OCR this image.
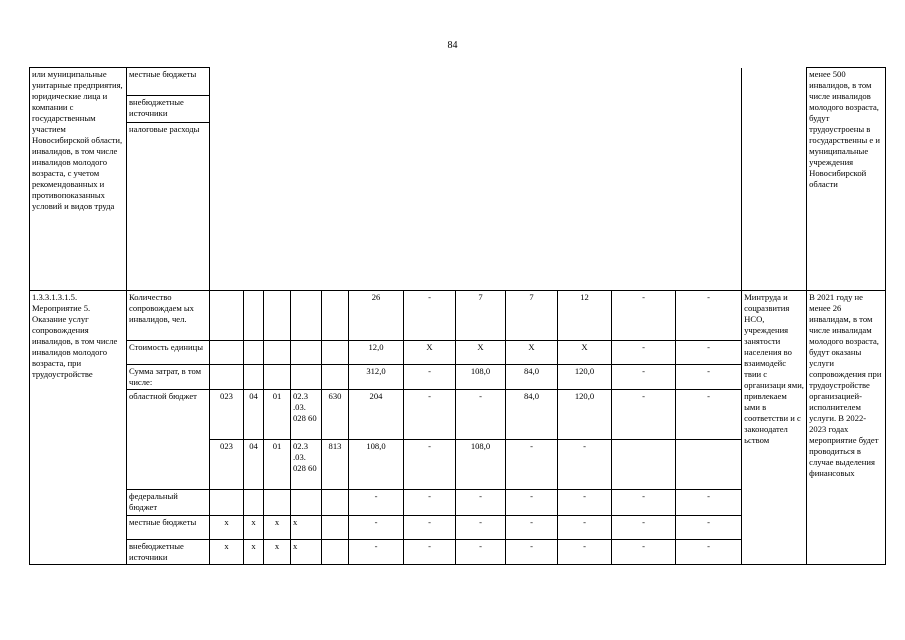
84
или муниципальные унитарные предприятия, юридические лица и компании с государственным участием Новосибирской области, инвалидов, в том числе инвалидов молодого возраста, с учетом рекомендованных и противопоказанных условий и видов труда	местные бюджеты														менее 500 инвалидов, в том числе инвалидов молодого возраста, будут трудоустроены в государственны е и муниципальные учреждения Новосибирской области
	внебюджетные источники														
	налоговые расходы														
1.3.3.1.3.1.5. Мероприятие 5. Оказание услуг сопровождения инвалидов, в том числе инвалидов молодого возраста, при трудоустройстве	Количество сопровождаем ых инвалидов, чел.						26	-	7	7	12	-	-	Минтруда и соцразвития НСО, учреждения занятости населения во взаимодейс твии с организаци ями, привлекаем ыми в соответстви и с законодател ьством	В 2021 году не менее 26 инвалидам, в том числе инвалидам молодого возраста, будут оказаны услуги сопровождения при трудоустройстве организацией-исполнителем услуги. В 2022-2023 годах мероприятие будет проводиться в случае выделения финансовых
	Стоимость единицы						12,0	X	X	X	X	-	-		
	Сумма затрат, в том числе:						312,0	-	108,0	84,0	120,0	-	-		
	областной бюджет	023	04	01	02.3 .03. 028 60	630	204	-	-	84,0	120,0	-	-		
		023	04	01	02.3 .03. 028 60	813	108,0	-	108,0	-	-				
	федеральный бюджет						-	-	-	-	-	-	-		
	местные бюджеты	x	x	x	x		-	-	-	-	-	-	-		
	внебюджетные источники	x	x	x	x		-	-	-	-	-	-	-		
